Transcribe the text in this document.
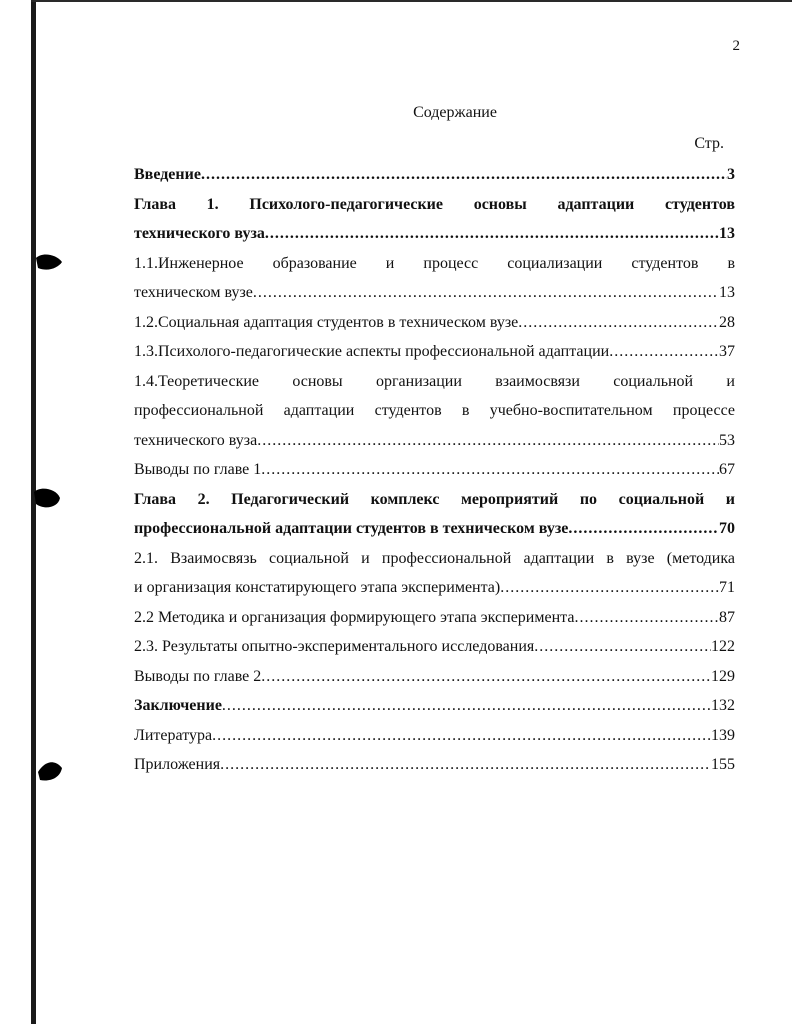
2
Содержание
Стр.
Введение .....	3
Глава 1. Психолого-педагогические основы адаптации студентов
технического вуза .....	13
1.1.Инженерное образование и процесс социализации студентов в
техническом вузе .....	13
1.2.Социальная адаптация студентов в техническом вузе .....	28
1.3.Психолого-педагогические аспекты профессиональной адаптации .....	37
1.4.Теоретические основы организации взаимосвязи социальной и
профессиональной адаптации студентов в учебно-воспитательном процессе
технического вуза .....	53
Выводы по главе 1 .....	67
Глава 2. Педагогический комплекс мероприятий по социальной и
профессиональной адаптации студентов в техническом вузе .....	70
2.1. Взаимосвязь социальной и профессиональной адаптации в вузе (методика
и организация констатирующего этапа эксперимента) .....	71
2.2 Методика и организация формирующего этапа эксперимента .....	87
2.3. Результаты опытно-экспериментального исследования .....	122
Выводы по главе 2 .....	129
Заключение .....	132
Литература .....	139
Приложения .....	155
